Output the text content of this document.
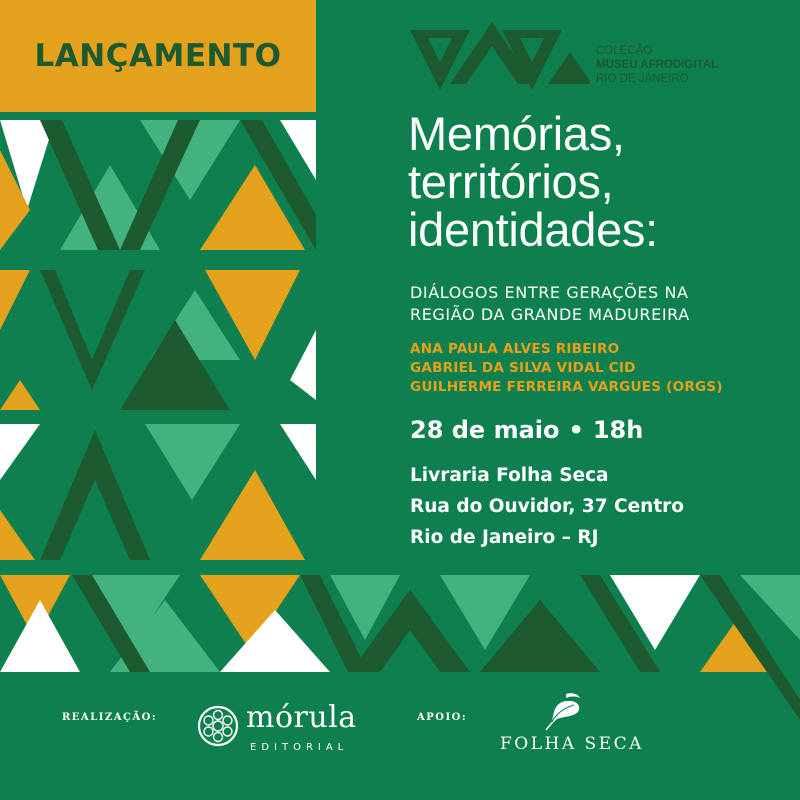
LANÇAMENTO	COLEÇÃO
MUSEU AFRODIGITAL
RIO DE JANEIRO
Memórias,
territórios,
identidades:
DIÁLOGOS ENTRE GERAÇÕES NA
REGIÃO DA GRANDE MADUREIRA
ANA PAULA ALVES RIBEIRO
GABRIEL DA SILVA VIDAL CID
GUILHERME FERREIRA VARGUES (ORGS)
28 de maio • 18h
Livraria Folha Seca
Rua do Ouvidor, 37 Centro
Rio de Janeiro – RJ
REALIZAÇÃO:	mórula
EDITORIAL
APOIO:
FOLHA SECA
